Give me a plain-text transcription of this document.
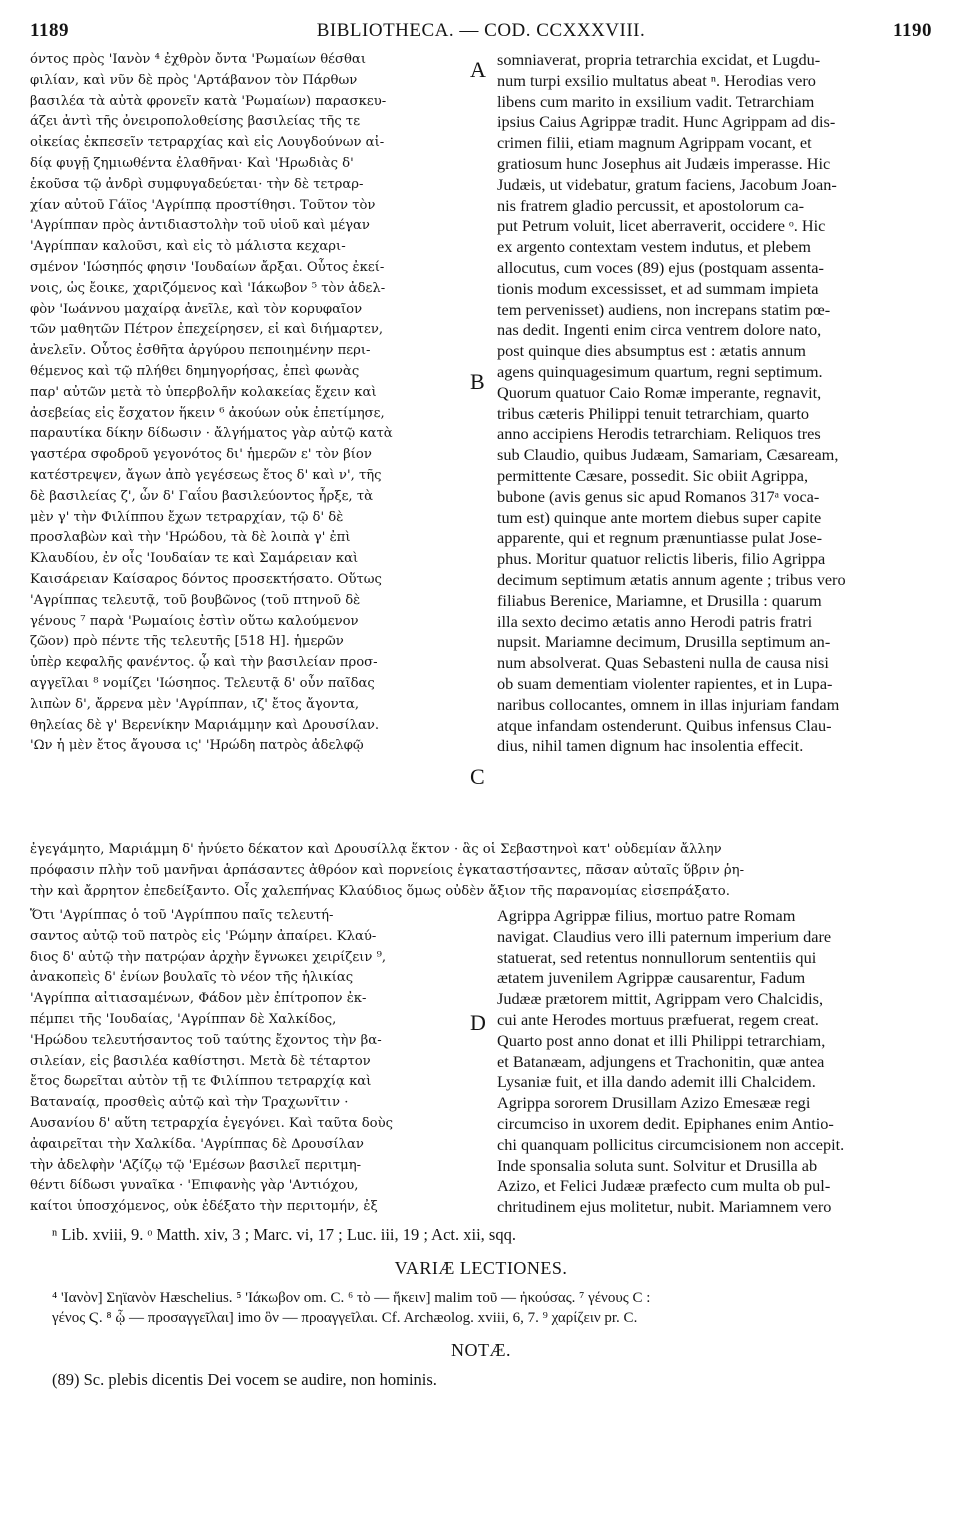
1189	BIBLIOTHECA. — COD. CCXXXVIII.	1190
όντος πρὸς 'Ιανὸν ⁴ ἐχθρὸν ὄντα 'Ρωμαίων θέσθαι
φιλίαν, καὶ νῦν δὲ πρὸς 'Αρτάβανον τὸν Πάρθων
βασιλέα τὰ αὐτὰ φρονεῖν κατὰ 'Ρωμαίων) παρασκευ-
άζει ἀντὶ τῆς ὀνειροπολοθείσης βασιλείας τῆς τε
οἰκείας ἐκπεσεῖν τετραρχίας καὶ εἰς Λουγδούνων αἰ-
δίᾳ φυγῇ ζημιωθέντα ἐλαθῆναι· Καὶ 'Ηρωδιὰς δ'
ἑκοῦσα τῷ ἀνδρὶ συμφυγαδεύεται· τὴν δὲ τετραρ-
χίαν αὐτοῦ Γάϊος 'Αγρίππᾳ προστίθησι. Τοῦτον τὸν
'Αγρίππαν πρὸς ἀντιδιαστολὴν τοῦ υἱοῦ καὶ μέγαν
'Αγρίππαν καλοῦσι, καὶ εἰς τὸ μάλιστα κεχαρι-
σμένον 'Ιώσηπός φησιν 'Ιουδαίων ἄρξαι. Οὗτος ἐκεί-
νοις, ὡς ἔοικε, χαριζόμενος καὶ 'Ιάκωβον ⁵ τὸν ἀδελ-
φὸν 'Ιωάννου μαχαίρᾳ ἀνεῖλε, καὶ τὸν κορυφαῖον
τῶν μαθητῶν Πέτρον ἐπεχείρησεν, εἰ καὶ διήμαρτεν,
ἀνελεῖν. Οὗτος ἐσθῆτα ἀργύρου πεποιημένην περι-
θέμενος καὶ τῷ πλήθει δημηγορήσας, ἐπεὶ φωνὰς
παρ' αὐτῶν μετὰ τὸ ὑπερβολῆν κολακείας ἔχειν καὶ
ἀσεβείας εἰς ἔσχατον ἥκειν ⁶ ἀκούων οὐκ ἐπετίμησε,
παραυτίκα δίκην δίδωσιν · ἄλγήματος γὰρ αὐτῷ κατὰ
γαστέρα σφοδροῦ γεγονότος δι' ἡμερῶν ε' τὸν βίον
κατέστρεψεν, ἄγων ἀπὸ γεγέσεως ἔτος δ' καὶ ν', τῆς
δὲ βασιλείας ζ', ὧν δ' Γαΐου βασιλεύοντος ἦρξε, τὰ
μὲν γ' τὴν Φιλίππου ἔχων τετραρχίαν, τῷ δ' δὲ
προσλαβὼν καὶ τὴν 'Ηρώδου, τὰ δὲ λοιπὰ γ' ἐπὶ
Κλαυδίου, ἐν οἷς 'Ιουδαίαν τε καὶ Σαμάρειαν καὶ
Καισάρειαν Καίσαρος δόντος προσεκτήσατο. Οὕτως
'Αγρίππας τελευτᾷ, τοῦ βουβῶνος (τοῦ πτηνοῦ δὲ
γένους ⁷ παρὰ 'Ρωμαίοις ἐστὶν οὕτω καλούμενον
ζῶον) πρὸ πέντε τῆς τελευτῆς [518 H]. ἡμερῶν
ὑπὲρ κεφαλῆς φανέντος. ᾧ καὶ τὴν βασιλείαν προσ-
αγγεῖλαι ⁸ νομίζει 'Ιώσηπος. Τελευτᾷ δ' οὖν παῖδας
λιπὼν δ', ἄρρενα μὲν 'Αγρίππαν, ιζ' ἔτος ἄγοντα,
θηλείας δὲ γ' Βερενίκην Μαριάμμην καὶ Δρουσίλαν.
'Ων ἡ μὲν ἔτος ἄγουσα ις' 'Ηρώδη πατρὸς ἀδελφῷ
somniaverat, propria tetrarchia excidat, et Lugdu-
num turpi exsilio multatus abeat ⁿ. Herodias vero
libens cum marito in exsilium vadit. Tetrarchiam
ipsius Caius Agrippæ tradit. Hunc Agrippam ad dis-
crimen filii, etiam magnum Agrippam vocant, et
gratiosum hunc Josephus ait Judæis imperasse. Hic
Judæis, ut videbatur, gratum faciens, Jacobum Joan-
nis fratrem gladio percussit, et apostolorum ca-
put Petrum voluit, licet aberraverit, occidere ᵒ. Hic
ex argento contextam vestem indutus, et plebem
allocutus, cum voces (89) ejus (postquam assenta-
tionis modum excessisset, et ad summam impieta
tem pervenisset) audiens, non increpans statim pœ-
nas dedit. Ingenti enim circa ventrem dolore nato,
post quinque dies absumptus est : ætatis annum
agens quinquagesimum quartum, regni septimum.
Quorum quatuor Caio Romæ imperante, regnavit,
tribus cæteris Philippi tenuit tetrarchiam, quarto
anno accipiens Herodis tetrarchiam. Reliquos tres
sub Claudio, quibus Judæam, Samariam, Cæsaream,
permittente Cæsare, possedit. Sic obiit Agrippa,
bubone (avis genus sic apud Romanos 317ᵃ voca-
tum est) quinque ante mortem diebus super capite
apparente, qui et regnum prænuntiasse pulat Jose-
phus. Moritur quatuor relictis liberis, filio Agrippa
decimum septimum ætatis annum agente ; tribus vero
filiabus Berenice, Mariamne, et Drusilla : quarum
illa sexto decimo ætatis anno Herodi patris fratri
nupsit. Mariamne decimum, Drusilla septimum an-
num absolverat. Quas Sebasteni nulla de causa nisi
ob suam dementiam violenter rapientes, et in Lupa-
naribus collocantes, omnem in illas injuriam fandam
atque infandam ostenderunt. Quibus infensus Clau-
dius, nihil tamen dignum hac insolentia effecit.
A
B
C
D
ἐγεγάμητο, Μαριάμμη δ' ἠνύετο δέκατον καὶ Δρουσίλλᾳ ἕκτον · ἃς οἱ Σεβαστηνοὶ κατ' οὐδεμίαν ἄλλην
πρόφασιν πλὴν τοῦ μανῆναι ἁρπάσαντες ἀθρόον καὶ πορνείοις ἐγκαταστήσαντες, πᾶσαν αὐταῖς ὕβριν ῥη-
τὴν καὶ ἄρρητον ἐπεδείξαντο. Οἷς χαλεπήνας Κλαύδιος ὅμως οὐδὲν ἄξιον τῆς παρανομίας εἰσεπράξατο.
Ὅτι 'Αγρίππας ὁ τοῦ 'Αγρίππου παῖς τελευτή-
σαντος αὐτῷ τοῦ πατρὸς εἰς 'Ρώμην ἀπαίρει. Κλαύ-
διος δ' αὐτῷ τὴν πατρῴαν ἀρχὴν ἔγνωκει χειρίζειν ⁹,
ἀνακοπεὶς δ' ἐνίων βουλαῖς τὸ νέον τῆς ἡλικίας
'Αγρίππα αἰτιασαμένων, Φάδον μὲν ἐπίτροπον ἐκ-
πέμπει τῆς 'Ιουδαίας, 'Αγρίππαν δὲ Χαλκίδος,
'Ηρώδου τελευτήσαντος τοῦ ταύτης ἔχοντος τὴν βα-
σιλείαν, εἰς βασιλέα καθίστησι. Μετὰ δὲ τέταρτον
ἔτος δωρεῖται αὐτὸν τῇ τε Φιλίππου τετραρχίᾳ καὶ
Βαταναίᾳ, προσθεὶς αὐτῷ καὶ τὴν Τραχωνῖτιν ·
Αυσανίου δ' αὕτη τετραρχία ἐγεγόνει. Καὶ ταῦτα δοὺς
ἀφαιρεῖται τὴν Χαλκίδα. 'Αγρίππας δὲ Δρουσίλαν
τὴν ἀδελφὴν 'Αζίζῳ τῷ 'Εμέσων βασιλεῖ περιτμη-
θέντι δίδωσι γυναῖκα · 'Επιφανὴς γὰρ 'Αντιόχου,
καίτοι ὑποσχόμενος, οὐκ ἐδέξατο τὴν περιτομήν, ἐξ
Agrippa Agrippæ filius, mortuo patre Romam
navigat. Claudius vero illi paternum imperium dare
statuerat, sed retentus nonnullorum sententiis qui
ætatem juvenilem Agrippæ causarentur, Fadum
Judææ prætorem mittit, Agrippam vero Chalcidis,
cui ante Herodes mortuus præfuerat, regem creat.
Quarto post anno donat et illi Philippi tetrarchiam,
et Batanæam, adjungens et Trachonitin, quæ antea
Lysaniæ fuit, et illa dando ademit illi Chalcidem.
Agrippa sororem Drusillam Azizo Emesææ regi
circumciso in uxorem dedit. Epiphanes enim Antio-
chi quanquam pollicitus circumcisionem non accepit.
Inde sponsalia soluta sunt. Solvitur et Drusilla ab
Azizo, et Felici Judææ præfecto cum multa ob pul-
chritudinem ejus molitetur, nubit. Mariamnem vero
ⁿ Lib. xviii, 9. ᵒ Matth. xiv, 3 ; Marc. vi, 17 ; Luc. iii, 19 ; Act. xii, sqq.
VARIÆ LECTIONES.
⁴ 'Ιανὸν] Σηϊανὸν Hæschelius. ⁵ 'Ιάκωβον om. C. ⁶ τὸ — ἥκειν] malim τοῦ — ἠκούσας. ⁷ γένους C :
γένος Ϛ. ⁸ ᾧ — προσαγγεῖλαι] imo ὃν — προαγγεῖλαι. Cf. Archæolog. xviii, 6, 7. ⁹ χαρίζειν pr. C.
NOTÆ.
(89) Sc. plebis dicentis Dei vocem se audire, non hominis.
